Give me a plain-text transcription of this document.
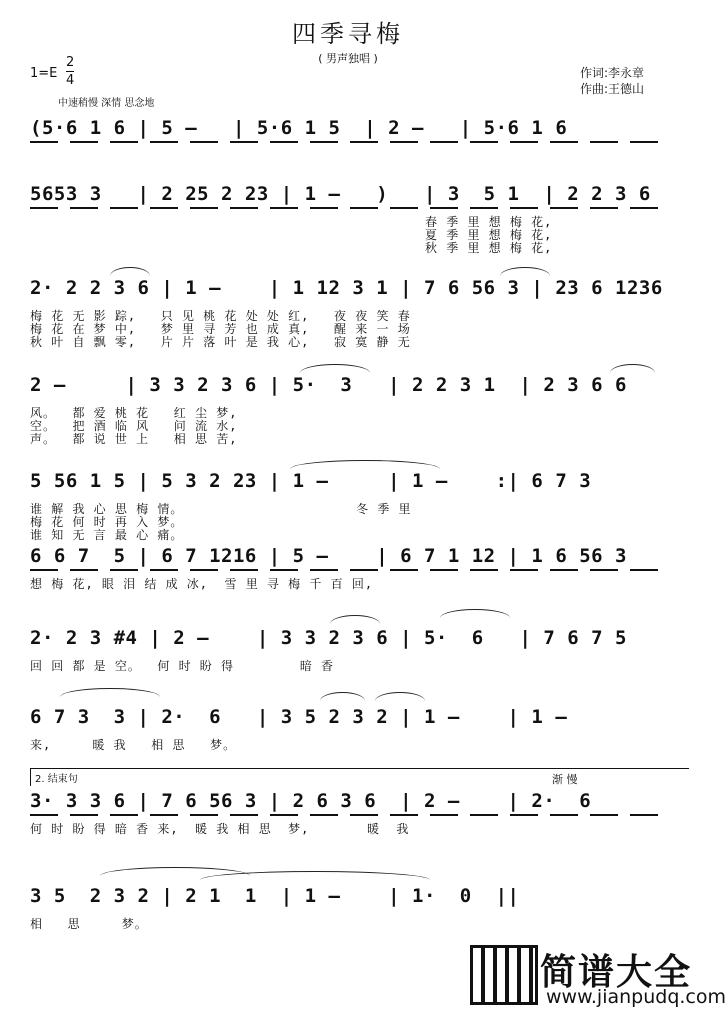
四季寻梅
( 男声独唱 )
$1=E \frac{2}{4}$
中速稍慢 深情 思念地
作词:李永章
作曲:王德山
(5·6 1 6 | 5 —   | 5·6 1 5  | 2 —   | 5·6 1 6
5653 3   | 2 25 2 23 | 1 —   )   | 3  5 1  | 2 2 3 6
春 季 里 想 梅 花,
夏 季 里 想 梅 花,
秋 季 里 想 梅 花,
2· 2 2 3 6 | 1 —    | 1 12 3 1 | 7 6 56 3 | 23 6 1236
梅 花 无 影 踪,   只 见 桃 花 处 处 红,   夜 夜 笑 春
梅 花 在 梦 中,   梦 里 寻 芳 也 成 真,   醒 来 一 场
秋 叶 自 飘 零,   片 片 落 叶 是 我 心,   寂 寞 静 无
2 —     | 3 3 2 3 6 | 5·  3   | 2 2 3 1  | 2 3 6 6
风。  都 爱 桃 花   红 尘 梦,
空。  把 酒 临 风   问 流 水,
声。  都 说 世 上   相 思 苦,
5 56 1 5 | 5 3 2 23 | 1 —     | 1 —    :| 6 7 3
谁 解 我 心 思 梅 情。                     冬 季 里
梅 花 何 时 再 入 梦。
谁 知 无 言 最 心 痛。
6 6 7  5 | 6 7 1216 | 5 —    | 6 7 1 12 | 1 6 56 3
想 梅 花, 眼 泪 结 成 冰,  雪 里 寻 梅 千 百 回,
2· 2 3 #4 | 2 —    | 3 3 2 3 6 | 5·  6   | 7 6 7 5
回 回 都 是 空。  何 时 盼 得        暗 香
6 7 3  3 | 2·  6   | 3 5 2 3 2 | 1 —    | 1 —
来,     暖 我   相 思   梦。
2. 结束句	渐 慢
3· 3 3 6 | 7 6 56 3 | 2 6 3 6  | 2 —    | 2·  6
何 时 盼 得 暗 香 来,  暖 我 相 思  梦,       暖  我
3 5  2 3 2 | 2 1  1  | 1 —    | 1·  0  ||
相   思     梦。
简谱大全
www.jianpudq.com
